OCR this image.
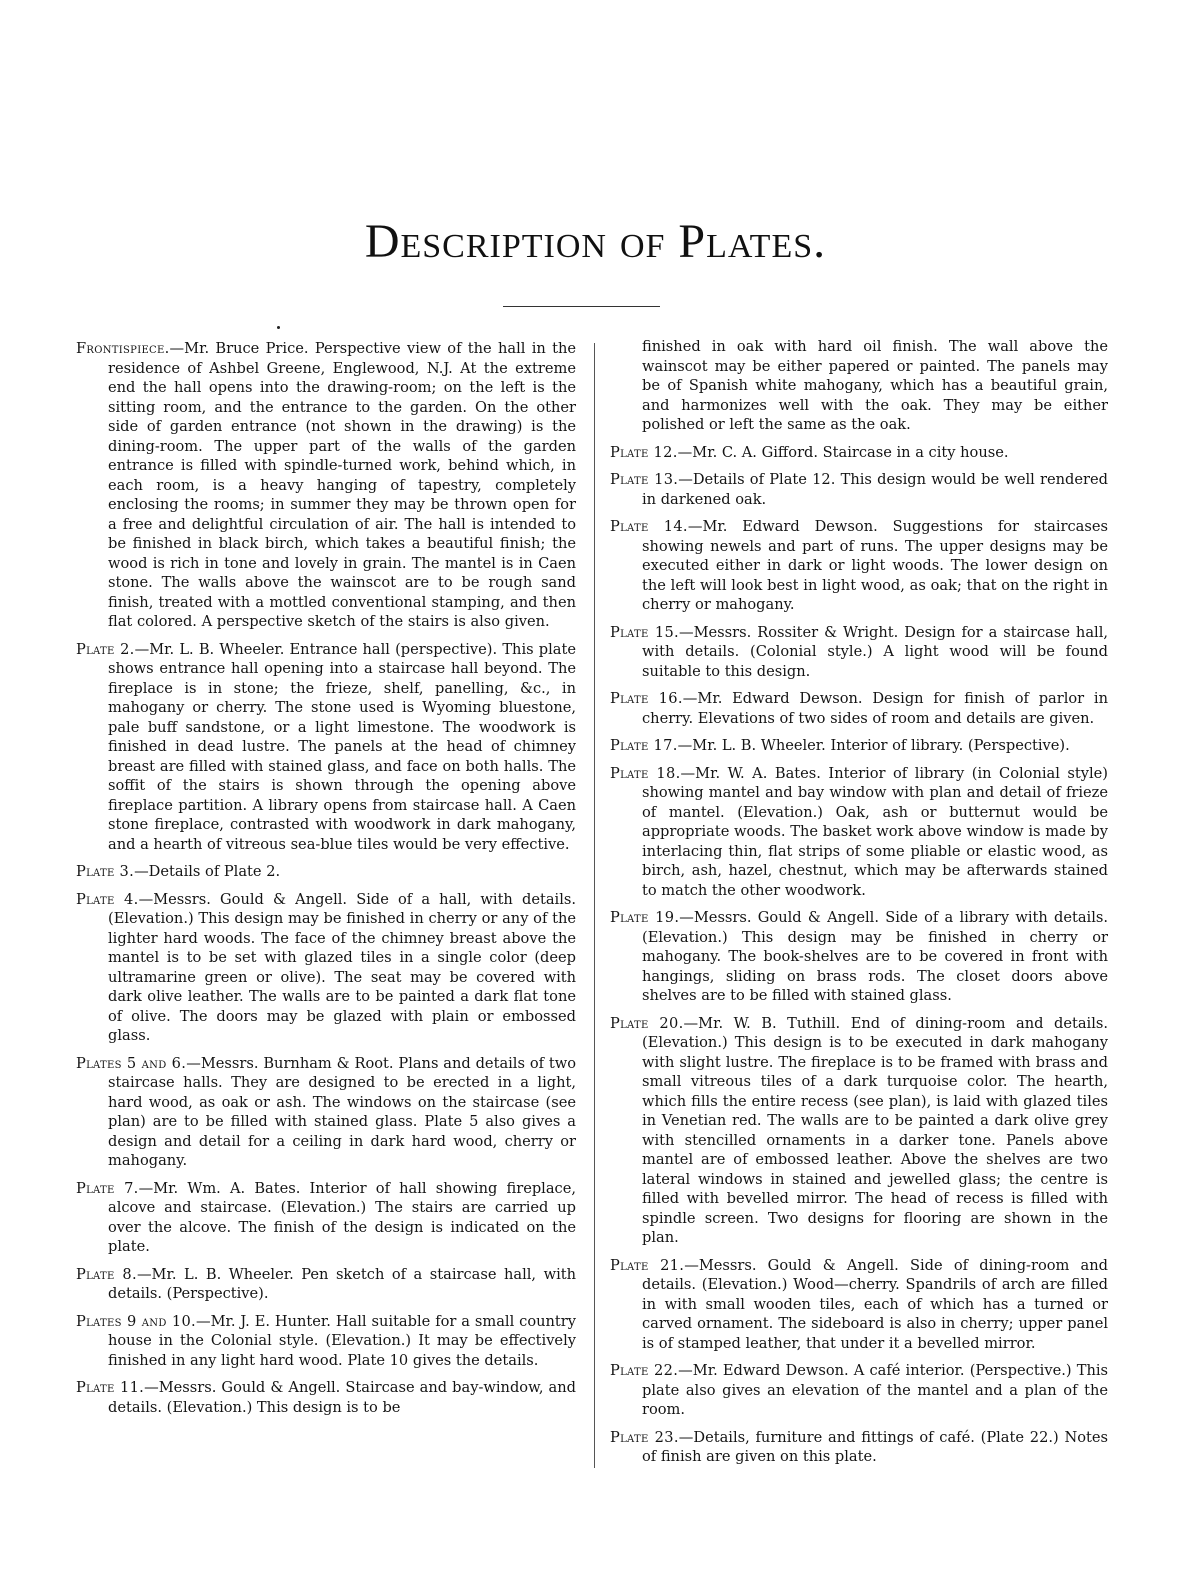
Description of Plates.

Frontispiece.—Mr. Bruce Price. Perspective view of the hall in the residence of Ashbel Greene, Englewood, N.J. At the extreme end the hall opens into the drawing-room; on the left is the sitting room, and the entrance to the garden. On the other side of garden entrance (not shown in the drawing) is the dining-room. The upper part of the walls of the garden entrance is filled with spindle-turned work, behind which, in each room, is a heavy hanging of tapestry, completely enclosing the rooms; in summer they may be thrown open for a free and delightful circulation of air. The hall is intended to be finished in black birch, which takes a beautiful finish; the wood is rich in tone and lovely in grain. The mantel is in Caen stone. The walls above the wainscot are to be rough sand finish, treated with a mottled conventional stamping, and then flat colored. A perspective sketch of the stairs is also given.

Plate 2.—Mr. L. B. Wheeler. Entrance hall (perspective). This plate shows entrance hall opening into a staircase hall beyond. The fireplace is in stone; the frieze, shelf, panelling, &c., in mahogany or cherry. The stone used is Wyoming bluestone, pale buff sandstone, or a light limestone. The woodwork is finished in dead lustre. The panels at the head of chimney breast are filled with stained glass, and face on both halls. The soffit of the stairs is shown through the opening above fireplace partition. A library opens from staircase hall. A Caen stone fireplace, contrasted with woodwork in dark mahogany, and a hearth of vitreous sea-blue tiles would be very effective.

Plate 3.—Details of Plate 2.

Plate 4.—Messrs. Gould & Angell. Side of a hall, with details. (Elevation.) This design may be finished in cherry or any of the lighter hard woods. The face of the chimney breast above the mantel is to be set with glazed tiles in a single color (deep ultramarine green or olive). The seat may be covered with dark olive leather. The walls are to be painted a dark flat tone of olive. The doors may be glazed with plain or embossed glass.

Plates 5 and 6.—Messrs. Burnham & Root. Plans and details of two staircase halls. They are designed to be erected in a light, hard wood, as oak or ash. The windows on the staircase (see plan) are to be filled with stained glass. Plate 5 also gives a design and detail for a ceiling in dark hard wood, cherry or mahogany.

Plate 7.—Mr. Wm. A. Bates. Interior of hall showing fireplace, alcove and staircase. (Elevation.) The stairs are carried up over the alcove. The finish of the design is indicated on the plate.

Plate 8.—Mr. L. B. Wheeler. Pen sketch of a staircase hall, with details. (Perspective).

Plates 9 and 10.—Mr. J. E. Hunter. Hall suitable for a small country house in the Colonial style. (Elevation.) It may be effectively finished in any light hard wood. Plate 10 gives the details.

Plate 11.—Messrs. Gould & Angell. Staircase and bay-window, and details. (Elevation.) This design is to be

finished in oak with hard oil finish. The wall above the wainscot may be either papered or painted. The panels may be of Spanish white mahogany, which has a beautiful grain, and harmonizes well with the oak. They may be either polished or left the same as the oak.

Plate 12.—Mr. C. A. Gifford. Staircase in a city house.

Plate 13.—Details of Plate 12. This design would be well rendered in darkened oak.

Plate 14.—Mr. Edward Dewson. Suggestions for staircases showing newels and part of runs. The upper designs may be executed either in dark or light woods. The lower design on the left will look best in light wood, as oak; that on the right in cherry or mahogany.

Plate 15.—Messrs. Rossiter & Wright. Design for a staircase hall, with details. (Colonial style.) A light wood will be found suitable to this design.

Plate 16.—Mr. Edward Dewson. Design for finish of parlor in cherry. Elevations of two sides of room and details are given.

Plate 17.—Mr. L. B. Wheeler. Interior of library. (Perspective).

Plate 18.—Mr. W. A. Bates. Interior of library (in Colonial style) showing mantel and bay window with plan and detail of frieze of mantel. (Elevation.) Oak, ash or butternut would be appropriate woods. The basket work above window is made by interlacing thin, flat strips of some pliable or elastic wood, as birch, ash, hazel, chestnut, which may be afterwards stained to match the other woodwork.

Plate 19.—Messrs. Gould & Angell. Side of a library with details. (Elevation.) This design may be finished in cherry or mahogany. The book-shelves are to be covered in front with hangings, sliding on brass rods. The closet doors above shelves are to be filled with stained glass.

Plate 20.—Mr. W. B. Tuthill. End of dining-room and details. (Elevation.) This design is to be executed in dark mahogany with slight lustre. The fireplace is to be framed with brass and small vitreous tiles of a dark turquoise color. The hearth, which fills the entire recess (see plan), is laid with glazed tiles in Venetian red. The walls are to be painted a dark olive grey with stencilled ornaments in a darker tone. Panels above mantel are of embossed leather. Above the shelves are two lateral windows in stained and jewelled glass; the centre is filled with bevelled mirror. The head of recess is filled with spindle screen. Two designs for flooring are shown in the plan.

Plate 21.—Messrs. Gould & Angell. Side of dining-room and details. (Elevation.) Wood—cherry. Spandrils of arch are filled in with small wooden tiles, each of which has a turned or carved ornament. The sideboard is also in cherry; upper panel is of stamped leather, that under it a bevelled mirror.

Plate 22.—Mr. Edward Dewson. A café interior. (Perspective.) This plate also gives an elevation of the mantel and a plan of the room.

Plate 23.—Details, furniture and fittings of café. (Plate 22.) Notes of finish are given on this plate.
